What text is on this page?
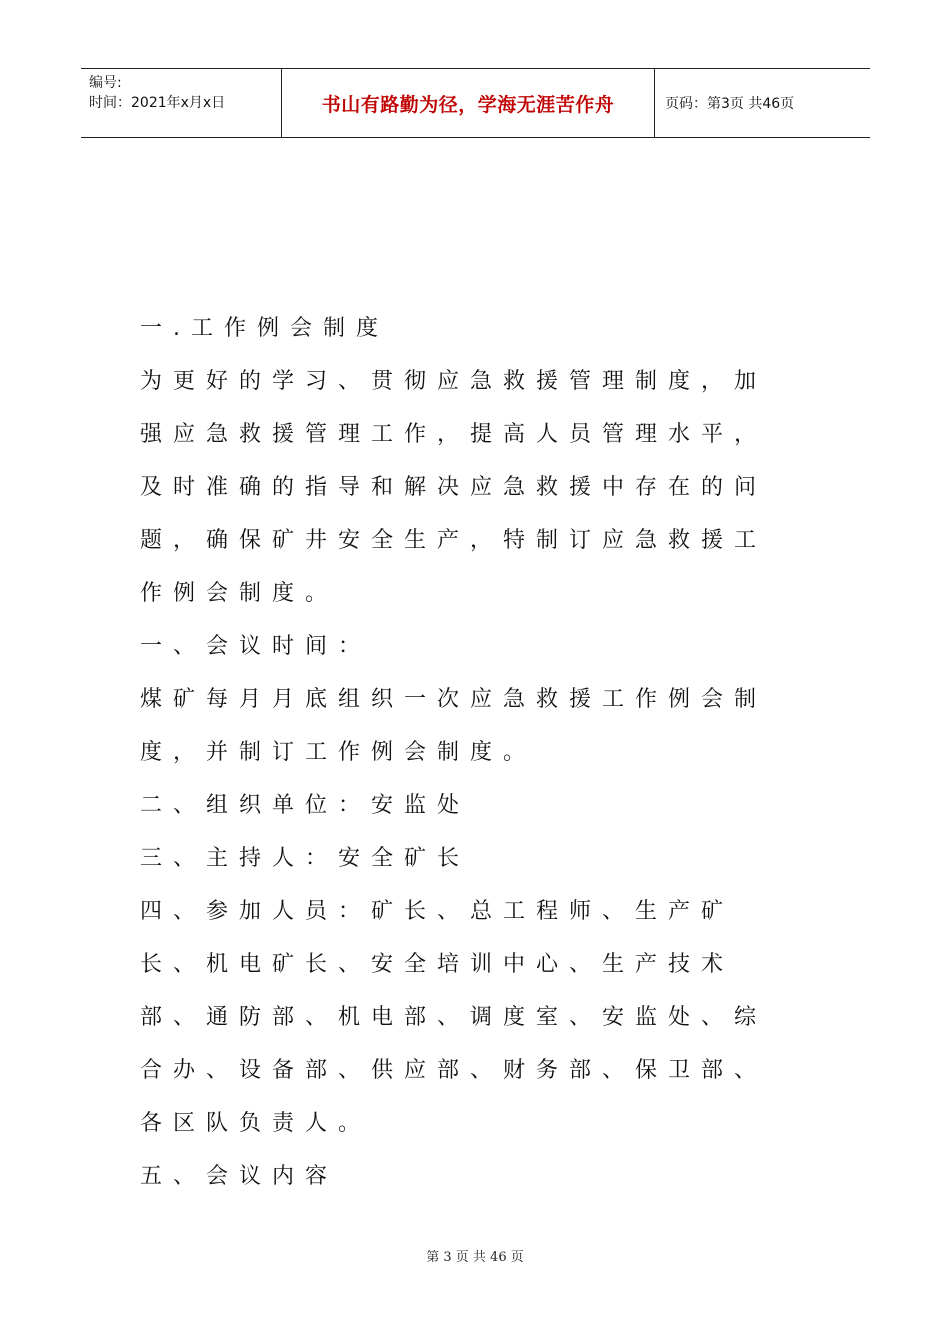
编号:
时间：2021年x月x日	书山有路勤为径，学海无涯苦作舟	页码：第3页 共46页
一.工作例会制度
为更好的学习、贯彻应急救援管理制度，加
强应急救援管理工作，提高人员管理水平，
及时准确的指导和解决应急救援中存在的问
题，确保矿井安全生产，特制订应急救援工
作例会制度。
一、会议时间：
煤矿每月月底组织一次应急救援工作例会制
度，并制订工作例会制度。
二、组织单位：安监处
三、主持人：安全矿长
四、参加人员：矿长、总工程师、生产矿
长、机电矿长、安全培训中心、生产技术
部、通防部、机电部、调度室、安监处、综
合办、设备部、供应部、财务部、保卫部、
各区队负责人。
五、会议内容
第 3 页 共 46 页
